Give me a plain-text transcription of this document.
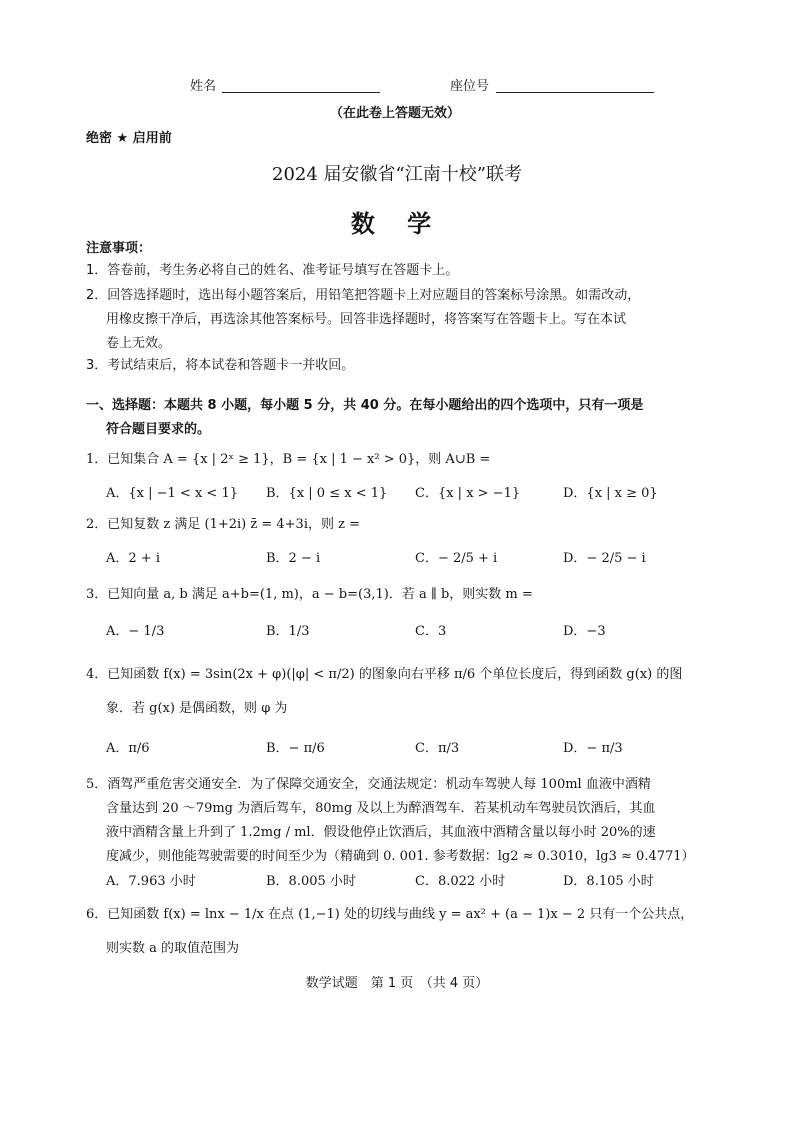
姓名	座位号
（在此卷上答题无效）
绝密 ★ 启用前
2024 届安徽省“江南十校”联考
数 学
注意事项：
1．答卷前，考生务必将自己的姓名、准考证号填写在答题卡上。
2．回答选择题时，选出每小题答案后，用铅笔把答题卡上对应题目的答案标号涂黑。如需改动，
用橡皮擦干净后，再选涂其他答案标号。回答非选择题时，将答案写在答题卡上。写在本试
卷上无效。
3．考试结束后，将本试卷和答题卡一并收回。
一、选择题：本题共 8 小题，每小题 5 分，共 40 分。在每小题给出的四个选项中，只有一项是
符合题目要求的。
1．已知集合 A = {x | 2ˣ ≥ 1}，B = {x | 1 − x² > 0}，则 A∪B =
A．{x | −1 < x < 1} B．{x | 0 ≤ x < 1} C．{x | x > −1}	D．{x | x ≥ 0}
2．已知复数 z 满足 (1+2i) z̄ = 4+3i，则 z =
A．2 + i	B．2 − i	C．− 2/5 + i	D．− 2/5 − i
3．已知向量 a, b 满足 a+b=(1, m)，a − b=(3,1)．若 a ∥ b，则实数 m =
A．− 1/3	B．1/3	C．3	D．−3
4．已知函数 f(x) = 3sin(2x + φ)(|φ| < π/2) 的图象向右平移 π/6 个单位长度后，得到函数 g(x) 的图
象．若 g(x) 是偶函数，则 φ 为
A．π/6	B．− π/6	C．π/3	D．− π/3
5．酒驾严重危害交通安全．为了保障交通安全，交通法规定：机动车驾驶人每 100ml 血液中酒精
含量达到 20 ～79mg 为酒后驾车，80mg 及以上为醉酒驾车．若某机动车驾驶员饮酒后，其血
液中酒精含量上升到了 1.2mg / ml．假设他停止饮酒后，其血液中酒精含量以每小时 20%的速
度减少，则他能驾驶需要的时间至少为（精确到 0. 001. 参考数据：lg2 ≈ 0.3010，lg3 ≈ 0.4771）
A．7.963 小时	B．8.005 小时	C．8.022 小时	D．8.105 小时
6．已知函数 f(x) = lnx − 1/x 在点 (1,−1) 处的切线与曲线 y = ax² + (a − 1)x − 2 只有一个公共点，
则实数 a 的取值范围为
数学试题　第 1 页　（共 4 页）
